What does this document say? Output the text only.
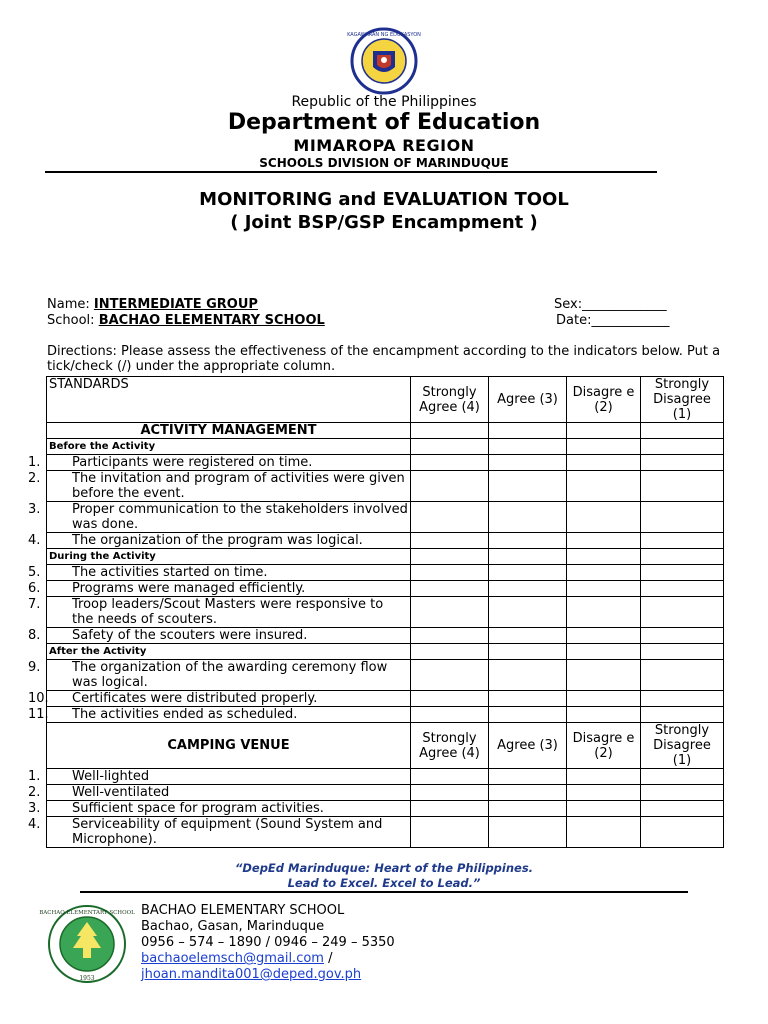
KAGAWARAN NG EDUKASYON
Republic of the Philippines
Department of Education
MIMAROPA REGION
SCHOOLS DIVISION OF MARINDUQUE
MONITORING and EVALUATION TOOL
( Joint BSP/GSP Encampment )
Name: INTERMEDIATE GROUP
School: BACHAO ELEMENTARY SCHOOL
Sex:_____________
Date:____________
Directions: Please assess the effectiveness of the encampment according to the indicators below. Put a tick/check (/) under the appropriate column.
STANDARDS	Strongly Agree (4)	Agree (3)	Disagre e (2)	Strongly Disagree (1)
ACTIVITY MANAGEMENT				
Before the Activity				
1. Participants were registered on time.				
2. The invitation and program of activities were given before the event.				
3. Proper communication to the stakeholders involved was done.				
4. The organization of the program was logical.				
During the Activity				
5. The activities started on time.				
6. Programs were managed efficiently.				
7. Troop leaders/Scout Masters were responsive to the needs of scouters.				
8. Safety of the scouters were insured.				
After the Activity				
9. The organization of the awarding ceremony flow was logical.				
10. Certificates were distributed properly.				
11. The activities ended as scheduled.				
CAMPING VENUE	Strongly Agree (4)	Agree (3)	Disagre e (2)	Strongly Disagree (1)
1. Well-lighted				
2. Well-ventilated				
3. Sufficient space for program activities.				
4. Serviceability of equipment (Sound System and Microphone).				
“DepEd Marinduque: Heart of the Philippines.
Lead to Excel. Excel to Lead.”
BACHAO ELEMENTARY SCHOOL
1953
BACHAO ELEMENTARY SCHOOL
Bachao, Gasan, Marinduque
0956 – 574 – 1890 / 0946 – 249 – 5350
bachaoelemsch@gmail.com /
jhoan.mandita001@deped.gov.ph
